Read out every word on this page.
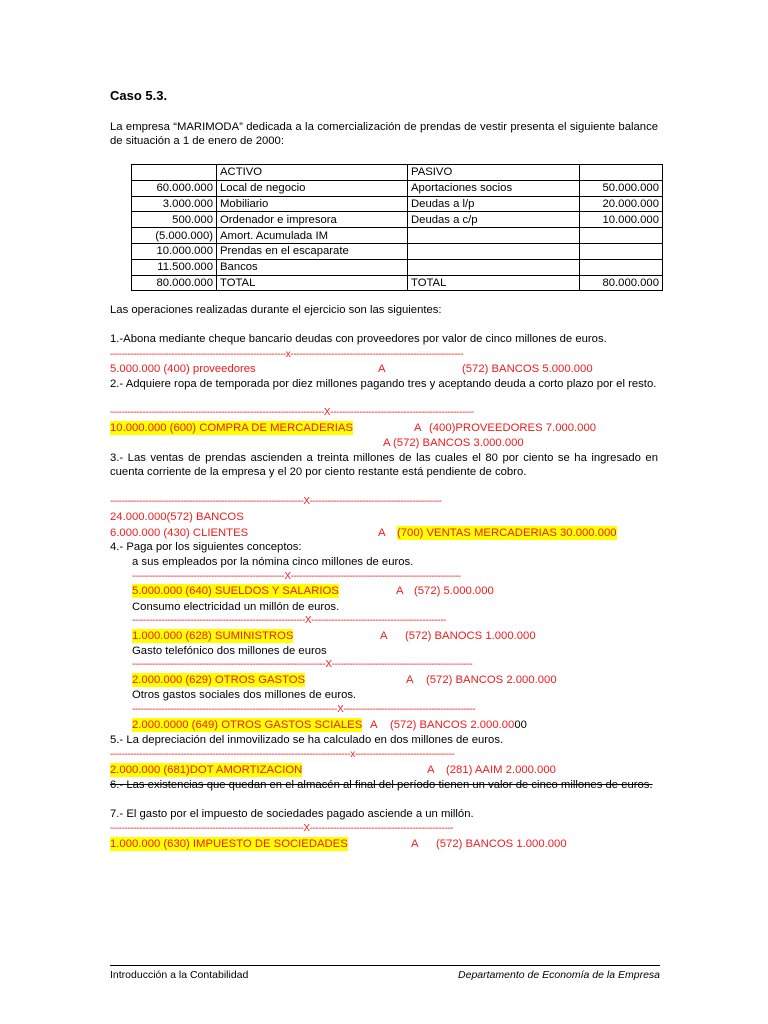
Caso 5.3.
La empresa “MARIMODA” dedicada a la comercialización de prendas de vestir presenta el siguiente balance de situación a 1 de enero de 2000:
	ACTIVO	PASIVO	
60.000.000	Local de negocio	Aportaciones socios	50.000.000
3.000.000	Mobiliario	Deudas a l/p	20.000.000
500.000	Ordenador e impresora	Deudas a c/p	10.000.000
(5.000.000)	Amort. Acumulada IM		
10.000.000	Prendas en el escaparate		
11.500.000	Bancos		
80.000.000	TOTAL	TOTAL	80.000.000
Las operaciones realizadas durante el ejercicio son las siguientes:
1.-Abona mediante cheque bancario deudas con proveedores por valor de cinco millones de euros.
------------------------------------------------------------x-----------------------------------------------------------
5.000.000 (400) proveedores	A	(572) BANCOS 5.000.000
2.- Adquiere ropa de temporada por diez millones pagando tres y aceptando deuda a corto plazo por el resto.
-------------------------------------------------------------------------X-------------------------------------------------
10.000.000 (600) COMPRA DE MERCADERIAS	A (400)PROVEEDORES 7.000.000
A (572) BANCOS 3.000.000
3.- Las ventas de prendas ascienden a treinta millones de las cuales el 80 por ciento se ha ingresado en cuenta corriente de la empresa y el 20 por ciento restante está pendiente de cobro.
------------------------------------------------------------------X---------------------------------------------
24.000.000(572) BANCOS
6.000.000 (430) CLIENTES	A (700) VENTAS MERCADERIAS 30.000.000
4.- Paga por los siguientes conceptos:
a sus empleados por la nómina cinco millones de euros.
----------------------------------------------------X----------------------------------------------------------
5.000.000 (640) SUELDOS Y SALARIOS	A (572) 5.000.000
Consumo electricidad un millón de euros.
-----------------------------------------------------------X----------------------------------------------
1.000.000 (628) SUMINISTROS	A (572) BANOCS 1.000.000
Gasto telefónico dos millones de euros
------------------------------------------------------------------X------------------------------------------------
2.000.000 (629) OTROS GASTOS	A (572) BANCOS 2.000.000
Otros gastos sociales dos millones de euros.
----------------------------------------------------------------------X---------------------------------------------
2.000.0000 (649) OTROS GASTOS SCIALES A (572) BANCOS 2.000.0000
5.- La depreciación del inmovilizado se ha calculado en dos millones de euros.
----------------------------------------------------------------------------------x----------------------------------
2.000.000 (681)DOT AMORTIZACION	A (281) AAIM 2.000.000
6.- Las existencias que quedan en el almacén al final del período tienen un valor de cinco millones de euros.
7.- El gasto por el impuesto de sociedades pagado asciende a un millón.
------------------------------------------------------------------X-------------------------------------------------
1.000.000 (630) IMPUESTO DE SOCIEDADES	A (572) BANCOS 1.000.000
Introducción a la Contabilidad	Departamento de Economía de la Empresa
